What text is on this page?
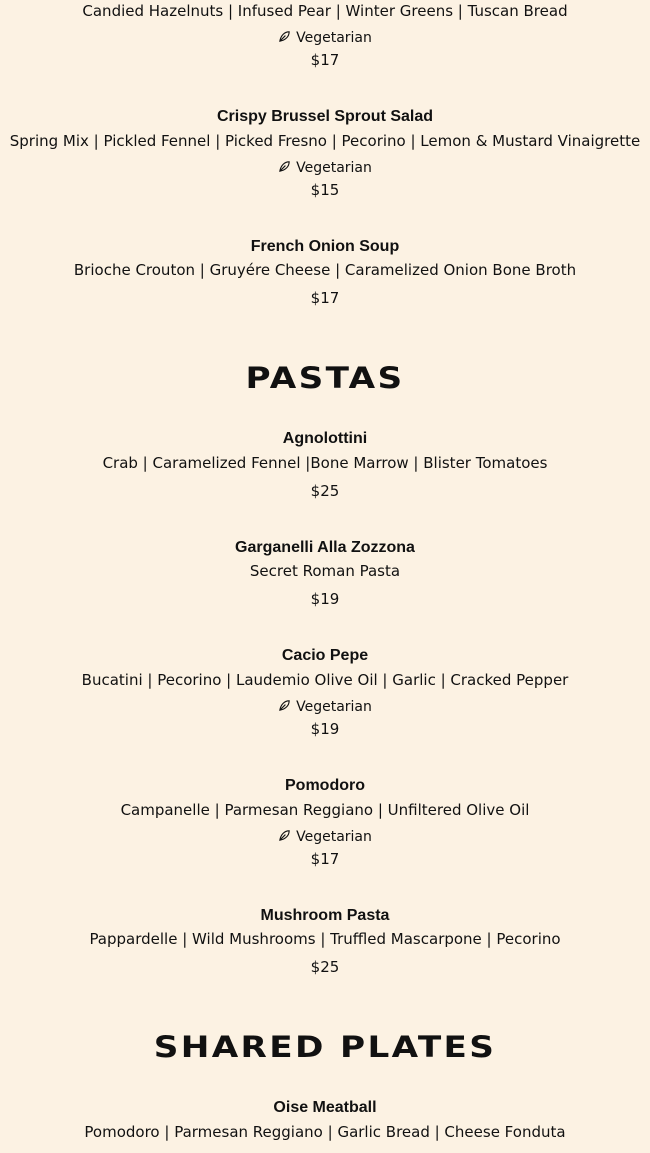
Candied Hazelnuts | Infused Pear | Winter Greens | Tuscan Bread
Vegetarian
$17
Crispy Brussel Sprout Salad
Spring Mix | Pickled Fennel | Picked Fresno | Pecorino | Lemon & Mustard Vinaigrette
Vegetarian
$15
French Onion Soup
Brioche Crouton | Gruyére Cheese | Caramelized Onion Bone Broth
$17
PASTAS
Agnolottini
Crab | Caramelized Fennel |Bone Marrow | Blister Tomatoes
$25
Garganelli Alla Zozzona
Secret Roman Pasta
$19
Cacio Pepe
Bucatini | Pecorino | Laudemio Olive Oil | Garlic | Cracked Pepper
Vegetarian
$19
Pomodoro
Campanelle | Parmesan Reggiano | Unfiltered Olive Oil
Vegetarian
$17
Mushroom Pasta
Pappardelle | Wild Mushrooms | Truffled Mascarpone | Pecorino
$25
SHARED PLATES
Oise Meatball
Pomodoro | Parmesan Reggiano | Garlic Bread | Cheese Fonduta
